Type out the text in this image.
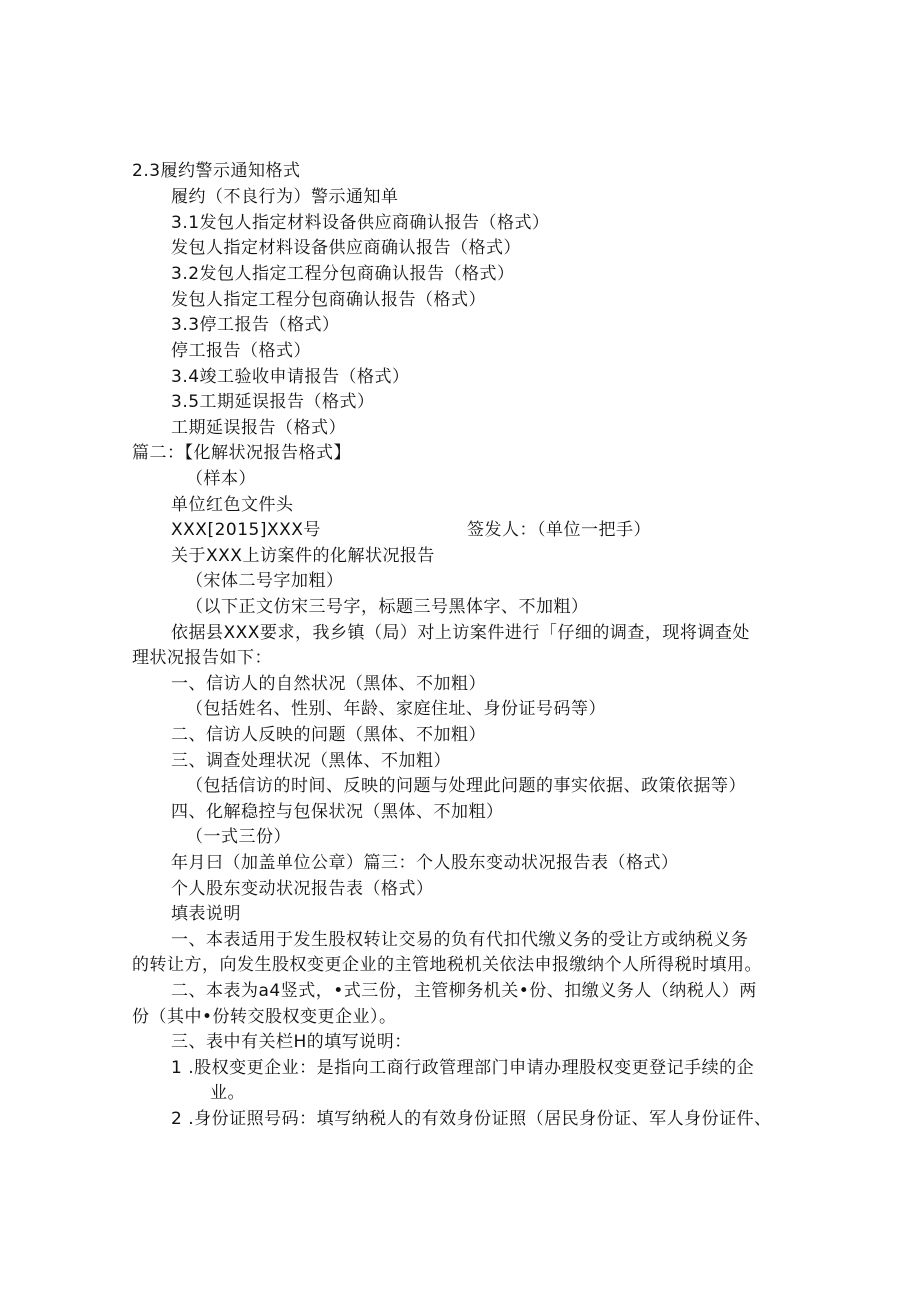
2.3履约警示通知格式
履约（不良行为）警示通知单
3.1发包人指定材料设备供应商确认报告（格式）
发包人指定材料设备供应商确认报告（格式）
3.2发包人指定工程分包商确认报告（格式）
发包人指定工程分包商确认报告（格式）
3.3停工报告（格式）
停工报告（格式）
3.4竣工验收申请报告（格式）
3.5工期延误报告（格式）
工期延误报告（格式）
篇二：【化解状况报告格式】
（样本）
单位红色文件头
XXX[2015]XXX号	签发人：（单位一把手）
关于XXX上访案件的化解状况报告
（宋体二号字加粗）
（以下正文仿宋三号字，标题三号黑体字、不加粗）
依据县XXX要求，我乡镇（局）对上访案件进行「仔细的调查，现将调查处
理状况报告如下：
一、信访人的自然状况（黑体、不加粗）
（包括姓名、性别、年龄、家庭住址、身份证号码等）
二、信访人反映的问题（黑体、不加粗）
三、调查处理状况（黑体、不加粗）
（包括信访的时间、反映的问题与处理此问题的事实依据、政策依据等）
四、化解稳控与包保状况（黑体、不加粗）
（一式三份）
年月曰（加盖单位公章）篇三：个人股东变动状况报告表（格式）
个人股东变动状况报告表（格式）
填表说明
一、本表适用于发生股权转让交易的负有代扣代缴义务的受让方或纳税义务
的转让方，向发生股权变更企业的主管地税机关依法申报缴纳个人所得税时填用。
二、本表为a4竖式，•式三份，主管柳务机关•份、扣缴义务人（纳税人）两
份（其中•份转交股权变更企业）。
三、表中有关栏H的填写说明：
1 .股权变更企业：是指向工商行政管理部门申请办理股权变更登记手续的企
业。
2 .身份证照号码：填写纳税人的有效身份证照（居民身份证、军人身份证件、
